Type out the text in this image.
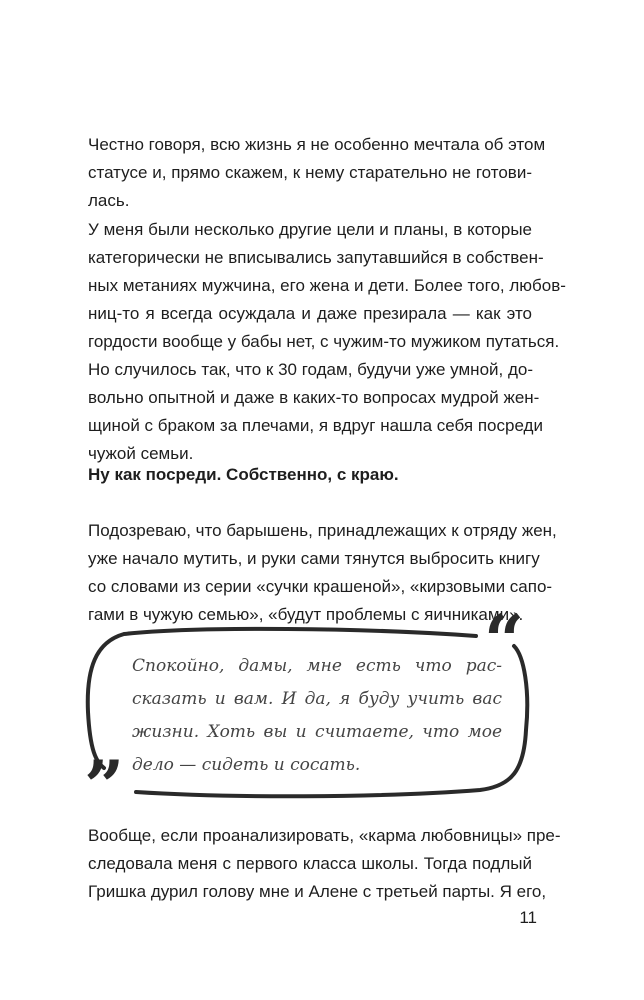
Честно говоря, всю жизнь я не особенно мечтала об этом
статусе и, прямо скажем, к нему старательно не готови-
лась.
У меня были несколько другие цели и планы, в которые
категорически не вписывались запутавшийся в собствен-
ных метаниях мужчина, его жена и дети. Более того, любов-
ниц-то я всегда осуждала и даже презирала — как это
гордости вообще у бабы нет, с чужим-то мужиком путаться.
Но случилось так, что к 30 годам, будучи уже умной, до-
вольно опытной и даже в каких-то вопросах мудрой жен-
щиной с браком за плечами, я вдруг нашла себя посреди
чужой семьи.
Ну как посреди. Собственно, с краю.
Подозреваю, что барышень, принадлежащих к отряду жен,
уже начало мутить, и руки сами тянутся выбросить книгу
со словами из серии «сучки крашеной», «кирзовыми сапо-
гами в чужую семью», «будут проблемы с яичниками».
“
”
Спокойно, дамы, мне есть что рас-
сказать и вам. И да, я буду учить вас
жизни. Хоть вы и считаете, что мое
дело — сидеть и сосать.
Вообще, если проанализировать, «карма любовницы» пре-
следовала меня с первого класса школы. Тогда подлый
Гришка дурил голову мне и Алене с третьей парты. Я его,
11
